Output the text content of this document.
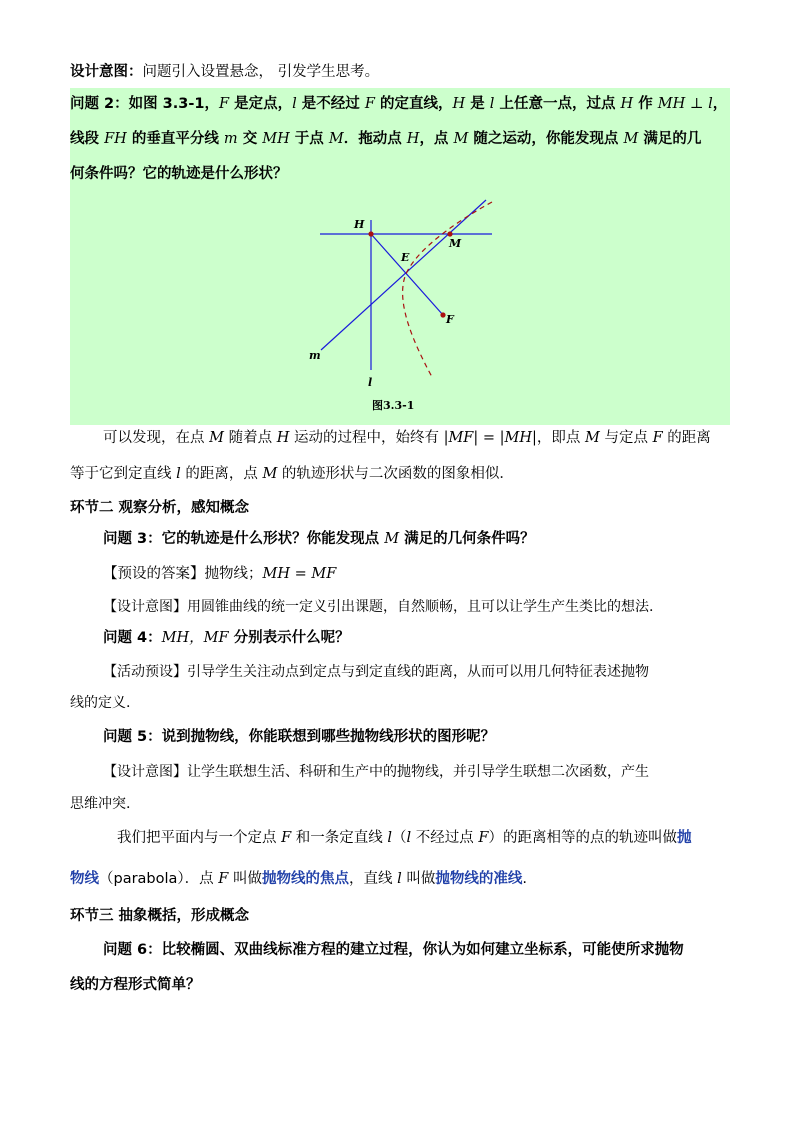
设计意图：问题引入设置悬念， 引发学生思考。
问题 2：如图 3.3-1，F 是定点，l 是不经过 F 的定直线，H 是 l 上任意一点，过点 H 作 MH ⊥ l，
线段 FH 的垂直平分线 m 交 MH 于点 M．拖动点 H，点 M 随之运动，你能发现点 M 满足的几
何条件吗？它的轨迹是什么形状？
H
M
E
F
m
l
图3.3-1
可以发现，在点 M 随着点 H 运动的过程中，始终有 |MF| = |MH|，即点 M 与定点 F 的距离
等于它到定直线 l 的距离，点 M 的轨迹形状与二次函数的图象相似．
环节二 观察分析，感知概念
问题 3：它的轨迹是什么形状？你能发现点 M 满足的几何条件吗？
【预设的答案】抛物线；MH = MF
【设计意图】用圆锥曲线的统一定义引出课题，自然顺畅，且可以让学生产生类比的想法.
问题 4：MH，MF 分别表示什么呢？
【活动预设】引导学生关注动点到定点与到定直线的距离，从而可以用几何特征表述抛物
线的定义.
问题 5：说到抛物线，你能联想到哪些抛物线形状的图形呢？
【设计意图】让学生联想生活、科研和生产中的抛物线，并引导学生联想二次函数，产生
思维冲突.
我们把平面内与一个定点 F 和一条定直线 l（l 不经过点 F）的距离相等的点的轨迹叫做抛
物线（parabola）．点 F 叫做抛物线的焦点，直线 l 叫做抛物线的准线.
环节三 抽象概括，形成概念
问题 6：比较椭圆、双曲线标准方程的建立过程，你认为如何建立坐标系，可能使所求抛物
线的方程形式简单？
